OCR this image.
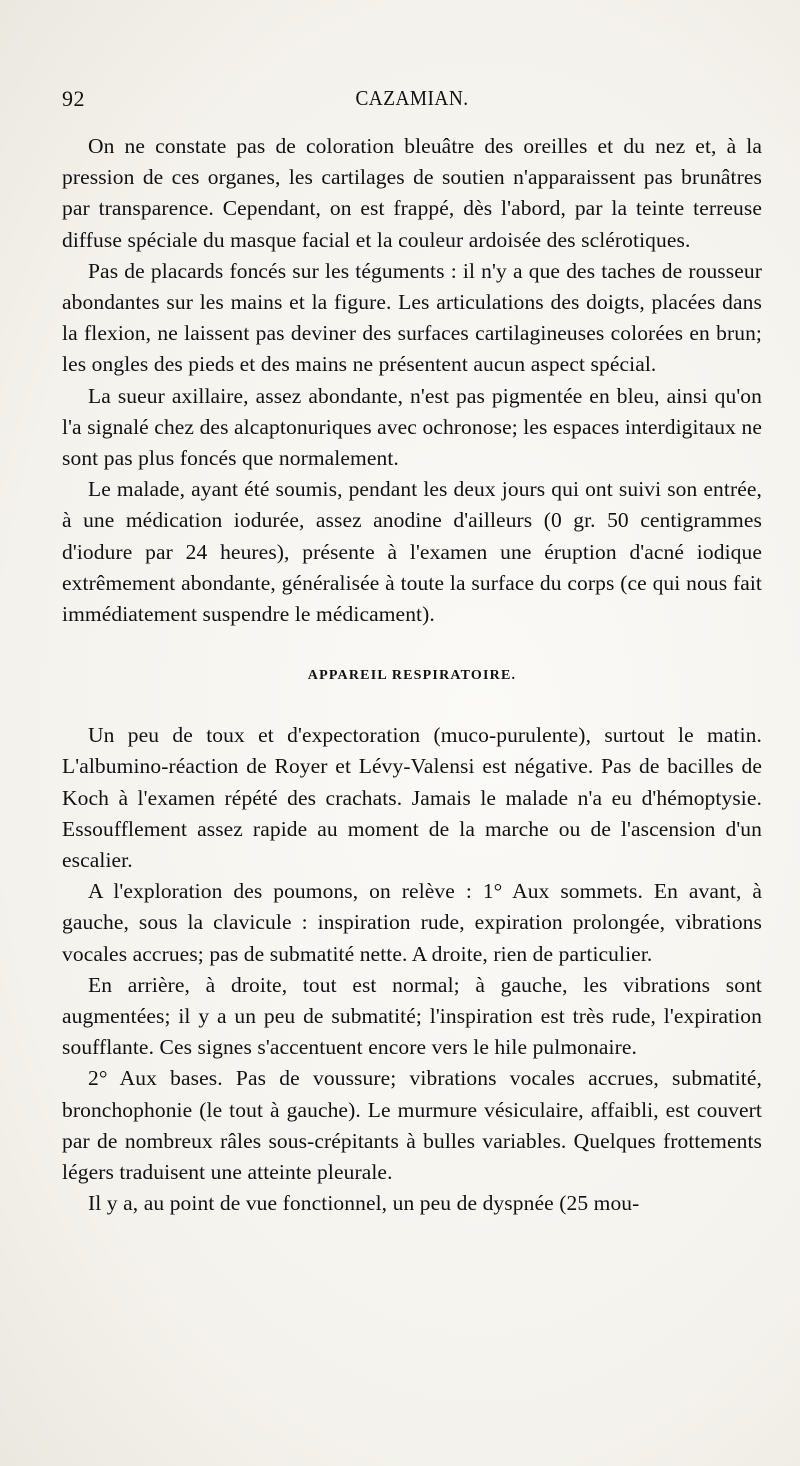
92	CAZAMIAN.

On ne constate pas de coloration bleuâtre des oreilles et du nez et, à la pression de ces organes, les cartilages de soutien n'apparaissent pas brunâtres par transparence. Cependant, on est frappé, dès l'abord, par la teinte terreuse diffuse spéciale du masque facial et la couleur ardoisée des sclérotiques.

Pas de placards foncés sur les téguments : il n'y a que des taches de rousseur abondantes sur les mains et la figure. Les articulations des doigts, placées dans la flexion, ne laissent pas deviner des surfaces cartilagineuses colorées en brun; les ongles des pieds et des mains ne présentent aucun aspect spécial.

La sueur axillaire, assez abondante, n'est pas pigmentée en bleu, ainsi qu'on l'a signalé chez des alcaptonuriques avec ochronose; les espaces interdigitaux ne sont pas plus foncés que normalement.

Le malade, ayant été soumis, pendant les deux jours qui ont suivi son entrée, à une médication iodurée, assez anodine d'ailleurs (0 gr. 50 centigrammes d'iodure par 24 heures), présente à l'examen une éruption d'acné iodique extrêmement abondante, généralisée à toute la surface du corps (ce qui nous fait immédiatement suspendre le médicament).

APPAREIL RESPIRATOIRE.

Un peu de toux et d'expectoration (muco-purulente), surtout le matin. L'albumino-réaction de Royer et Lévy-Valensi est négative. Pas de bacilles de Koch à l'examen répété des crachats. Jamais le malade n'a eu d'hémoptysie. Essoufflement assez rapide au moment de la marche ou de l'ascension d'un escalier.

A l'exploration des poumons, on relève : 1° Aux sommets. En avant, à gauche, sous la clavicule : inspiration rude, expiration prolongée, vibrations vocales accrues; pas de submatité nette. A droite, rien de particulier.

En arrière, à droite, tout est normal; à gauche, les vibrations sont augmentées; il y a un peu de submatité; l'inspiration est très rude, l'expiration soufflante. Ces signes s'accentuent encore vers le hile pulmonaire.

2° Aux bases. Pas de voussure; vibrations vocales accrues, submatité, bronchophonie (le tout à gauche). Le murmure vésiculaire, affaibli, est couvert par de nombreux râles sous-crépitants à bulles variables. Quelques frottements légers traduisent une atteinte pleurale.

Il y a, au point de vue fonctionnel, un peu de dyspnée (25 mou-
